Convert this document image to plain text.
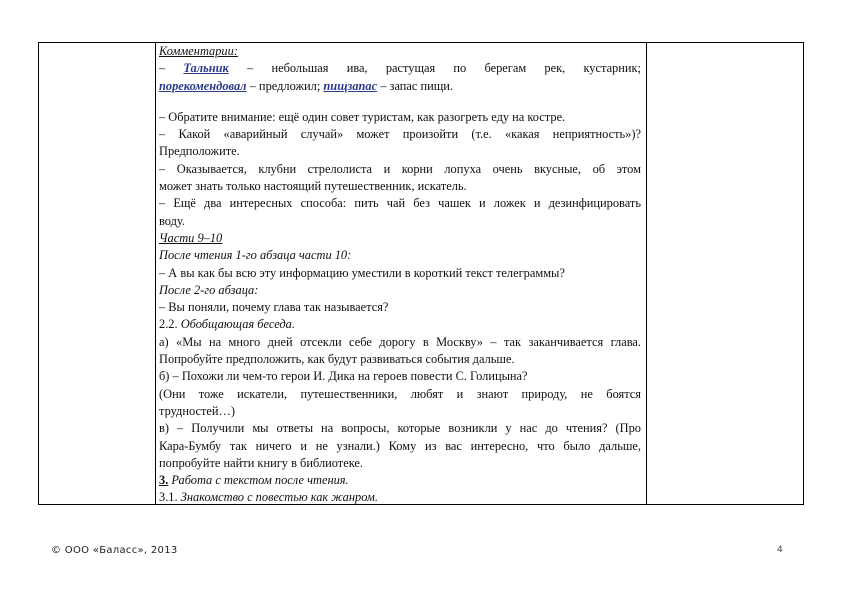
Комментарии:
– Тальник – небольшая ива, растущая по берегам рек, кустарник;
порекомендовал – предложил; пищзапас – запас пищи.
– Обратите внимание: ещё один совет туристам, как разогреть еду на костре.
– Какой «аварийный случай» может произойти (т.е. «какая неприятность»)?
Предположите.
– Оказывается, клубни стрелолиста и корни лопуха очень вкусные, об этом
может знать только настоящий путешественник, искатель.
– Ещё два интересных способа: пить чай без чашек и ложек и дезинфицировать
воду.
Части 9–10
После чтения 1-го абзаца части 10:
– А вы как бы всю эту информацию уместили в короткий текст телеграммы?
После 2-го абзаца:
– Вы поняли, почему глава так называется?
2.2. Обобщающая беседа.
а) «Мы на много дней отсекли себе дорогу в Москву» – так заканчивается глава.
Попробуйте предположить, как будут развиваться события дальше.
б) – Похожи ли чем-то герои И. Дика на героев повести С. Голицына?
(Они тоже искатели, путешественники, любят и знают природу, не боятся
трудностей…)
в) – Получили мы ответы на вопросы, которые возникли у нас до чтения? (Про
Кара-Бумбу так ничего и не узнали.) Кому из вас интересно, что было дальше,
попробуйте найти книгу в библиотеке.
3. Работа с текстом после чтения.
3.1. Знакомство с повестью как жанром.
© ООО «Баласс», 2013	4
